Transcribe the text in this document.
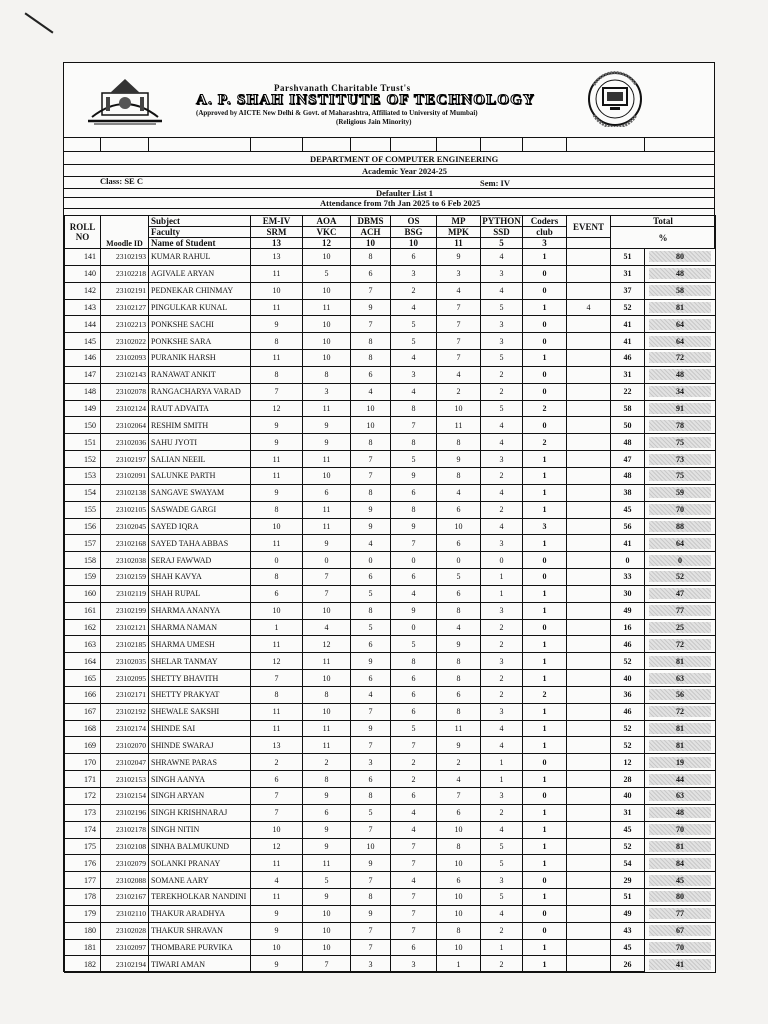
Parshvanath Charitable Trust's
A. P. SHAH INSTITUTE OF TECHNOLOGY
(Approved by AICTE New Delhi & Govt. of Maharashtra, Affiliated to University of Mumbai)
(Religious Jain Minority)
DEPARTMENT OF COMPUTER ENGINEERING
Academic Year 2024-25
Class: SE C	Sem: IV
Defaulter List 1
Attendance from 7th Jan 2025 to 6 Feb 2025
ROLL
NO	Moodle ID	Subject	EM-IV	AOA	DBMS	OS	MP	PYTHON	Coders	EVENT	Total	
		Faculty	SRM	VKC	ACH	BSG	MPK	SSD	club		%	
		Name of Student	13	12	10	10	11	5	3			
141	23102193	KUMAR RAHUL	13	10	8	6	9	4	1		51	80
140	23102218	AGIVALE ARYAN	11	5	6	3	3	3	0		31	48
142	23102191	PEDNEKAR CHINMAY	10	10	7	2	4	4	0		37	58
143	23102127	PINGULKAR KUNAL	11	11	9	4	7	5	1	4	52	81
144	23102213	PONKSHE SACHI	9	10	7	5	7	3	0		41	64
145	23102022	PONKSHE SARA	8	10	8	5	7	3	0		41	64
146	23102093	PURANIK HARSH	11	10	8	4	7	5	1		46	72
147	23102143	RANAWAT ANKIT	8	8	6	3	4	2	0		31	48
148	23102078	RANGACHARYA VARAD	7	3	4	4	2	2	0		22	34
149	23102124	RAUT ADVAITA	12	11	10	8	10	5	2		58	91
150	23102064	RESHIM SMITH	9	9	10	7	11	4	0		50	78
151	23102036	SAHU JYOTI	9	9	8	8	8	4	2		48	75
152	23102197	SALIAN NEEIL	11	11	7	5	9	3	1		47	73
153	23102091	SALUNKE PARTH	11	10	7	9	8	2	1		48	75
154	23102138	SANGAVE SWAYAM	9	6	8	6	4	4	1		38	59
155	23102105	SASWADE GARGI	8	11	9	8	6	2	1		45	70
156	23102045	SAYED IQRA	10	11	9	9	10	4	3		56	88
157	23102168	SAYED TAHA ABBAS	11	9	4	7	6	3	1		41	64
158	23102038	SERAJ FAWWAD	0	0	0	0	0	0	0		0	0
159	23102159	SHAH KAVYA	8	7	6	6	5	1	0		33	52
160	23102119	SHAH RUPAL	6	7	5	4	6	1	1		30	47
161	23102199	SHARMA ANANYA	10	10	8	9	8	3	1		49	77
162	23102121	SHARMA NAMAN	1	4	5	0	4	2	0		16	25
163	23102185	SHARMA UMESH	11	12	6	5	9	2	1		46	72
164	23102035	SHELAR TANMAY	12	11	9	8	8	3	1		52	81
165	23102095	SHETTY BHAVITH	7	10	6	6	8	2	1		40	63
166	23102171	SHETTY PRAKYAT	8	8	4	6	6	2	2		36	56
167	23102192	SHEWALE SAKSHI	11	10	7	6	8	3	1		46	72
168	23102174	SHINDE SAI	11	11	9	5	11	4	1		52	81
169	23102070	SHINDE SWARAJ	13	11	7	7	9	4	1		52	81
170	23102047	SHRAWNE PARAS	2	2	3	2	2	1	0		12	19
171	23102153	SINGH AANYA	6	8	6	2	4	1	1		28	44
172	23102154	SINGH ARYAN	7	9	8	6	7	3	0		40	63
173	23102196	SINGH KRISHNARAJ	7	6	5	4	6	2	1		31	48
174	23102178	SINGH NITIN	10	9	7	4	10	4	1		45	70
175	23102108	SINHA BALMUKUND	12	9	10	7	8	5	1		52	81
176	23102079	SOLANKI PRANAY	11	11	9	7	10	5	1		54	84
177	23102088	SOMANE AARY	4	5	7	4	6	3	0		29	45
178	23102167	TEREKHOLKAR NANDINI	11	9	8	7	10	5	1		51	80
179	23102110	THAKUR ARADHYA	9	10	9	7	10	4	0		49	77
180	23102028	THAKUR SHRAVAN	9	10	7	7	8	2	0		43	67
181	23102097	THOMBARE PURVIKA	10	10	7	6	10	1	1		45	70
182	23102194	TIWARI AMAN	9	7	3	3	1	2	1		26	41
